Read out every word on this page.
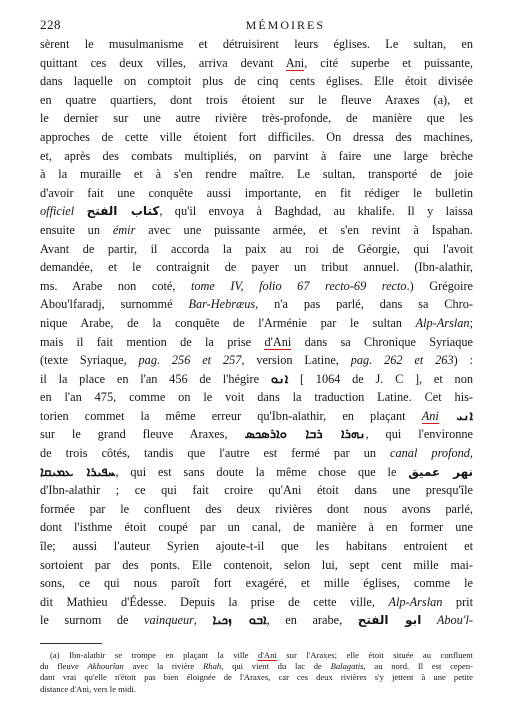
228	MÉMOIRES
sèrent le musulmanisme et détruisirent leurs églises. Le sultan, en
quittant ces deux villes, arriva devant Ani, cité superbe et puissante,
dans laquelle on comptoit plus de cinq cents églises. Elle étoit divisée
en quatre quartiers, dont trois étoient sur le fleuve Araxes (a), et
le dernier sur une autre rivière très-profonde, de manière que les
approches de cette ville étoient fort difficiles. On dressa des machines,
et, après des combats multipliés, on parvint à faire une large brèche
à la muraille et à s'en rendre maître. Le sultan, transporté de joie
d'avoir fait une conquête aussi importante, en fit rédiger le bulletin
officiel كتاب الفتح, qu'il envoya à Baghdad, au khalife. Il y laissa
ensuite un émir avec une puissante armée, et s'en revint à Ispahan.
Avant de partir, il accorda la paix au roi de Géorgie, qui l'avoit
demandée, et le contraignit de payer un tribut annuel. (Ibn-alathir,
ms. Arabe non coté, tome IV, folio 67 recto-69 recto.) Grégoire
Abou'lfaradj, surnommé Bar-Hebræus, n'a pas parlé, dans sa Chro-
nique Arabe, de la conquête de l'Arménie par le sultan Alp-Arslan;
mais il fait mention de la prise d'Ani dans sa Chronique Syriaque
(texte Syriaque, pag. 256 et 257, version Latine, pag. 262 et 263) :
il la place en l'an 456 de l'hégire ܐܢܘ [ 1064 de J. C ], et non
en l'an 475, comme on le voit dans la traduction Latine. Cet his-
torien commet la même erreur qu'Ibn-alathir, en plaçant Ani ܐܢܝ
sur le grand fleuve Araxes, ܢܗܪܐ ܪܒܐ ܘܐܪܣܟܣ, qui l'environne
de trois côtés, tandis que l'autre est fermé par un canal profond,
ܚܦܝܪܐ ܥܡܝܩܐ, qui est sans doute la même chose que le نهر عميق
d'Ibn-alathir ; ce qui fait croire qu'Ani étoit dans une presqu'île
formée par le confluent des deux rivières dont nous avons parlé,
dont l'isthme étoit coupé par un canal, de manière à en former une
île; aussi l'auteur Syrien ajoute-t-il que les habitans entroient et
sortoient par des ponts. Elle contenoit, selon lui, sept cent mille mai-
sons, ce qui nous paroît fort exagéré, et mille églises, comme le
dit Mathieu d'Édesse. Depuis la prise de cette ville, Alp-Arslan prit
le surnom de vainqueur, ܐܒܘ ܙܟܝܐ, en arabe, ابو الفتح Abou'l-
(a) Ibn-alathir se trompe en plaçant la ville d'Ani sur l'Araxes; elle étoit située au confluent
du fleuve Akhourîan avec la rivière Rhah, qui vient du lac de Balagatis, au nord. Il est cepen-
dant vrai qu'elle n'étoit pas bien éloignée de l'Araxes, car ces deux rivières s'y jettent à une petite
distance d'Ani, vers le midi.
